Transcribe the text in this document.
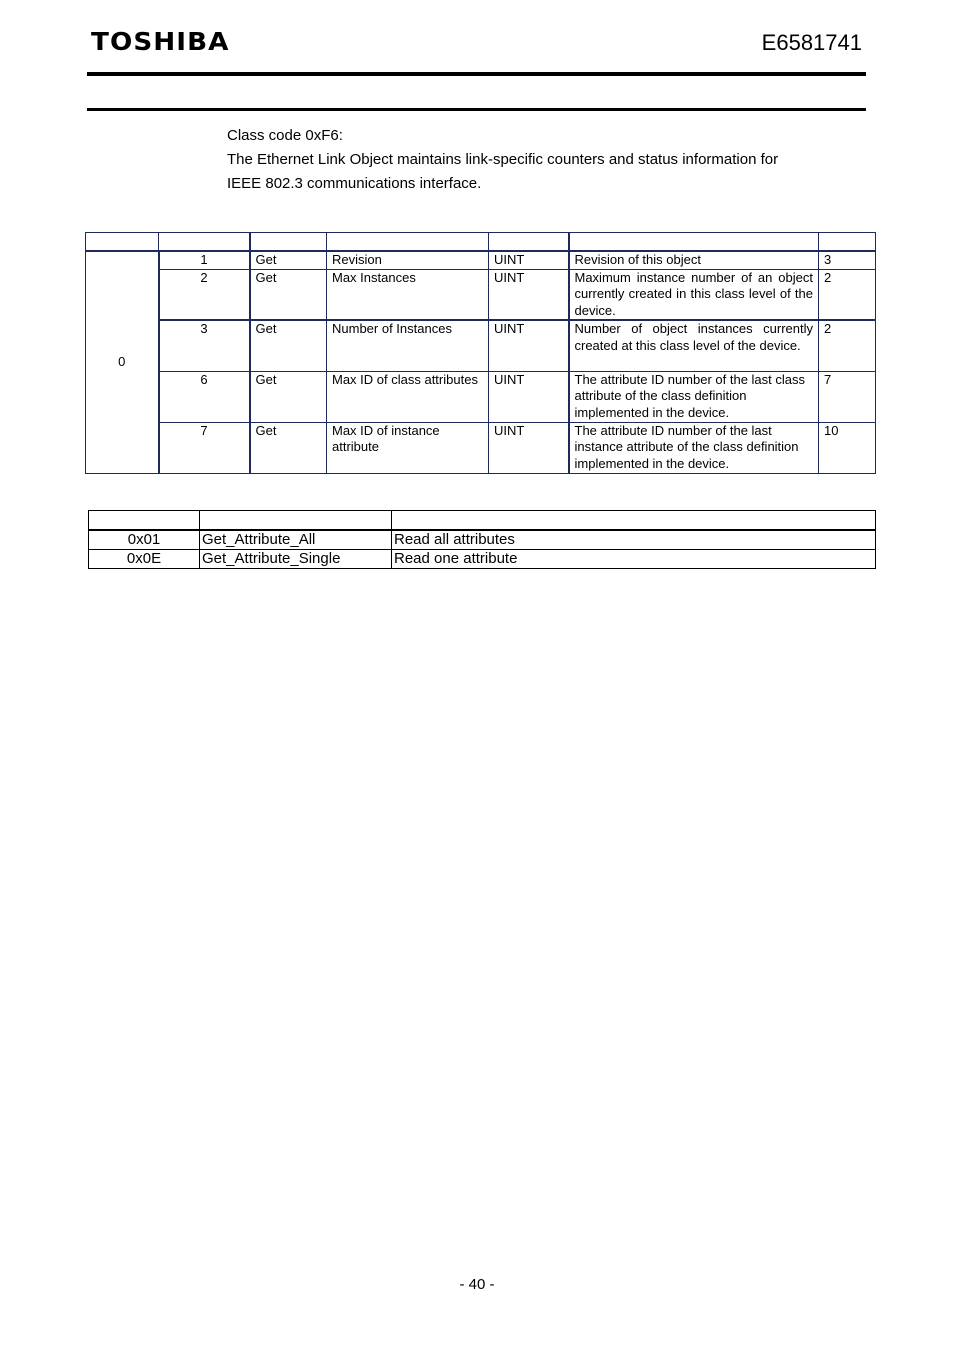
TOSHIBA	E6581741

Class code 0xF6:

The Ethernet Link Object maintains link-specific counters and status information for

IEEE 802.3 communications interface.

0	1	Get	Revision	UINT	Revision of this object	3
	2	Get	Max Instances	UINT	Maximum instance number of an object currently created in this class level of the device.	2
	3	Get	Number of Instances	UINT	Number of object instances currently created at this class level of the device.	2
	6	Get	Max ID of class attributes	UINT	The attribute ID number of the last class attribute of the class definition implemented in the device.	7
	7	Get	Max ID of instance attribute	UINT	The attribute ID number of the last instance attribute of the class definition implemented in the device.	10

0x01	Get_Attribute_All	Read all attributes
0x0E	Get_Attribute_Single	Read one attribute
- 40 -
